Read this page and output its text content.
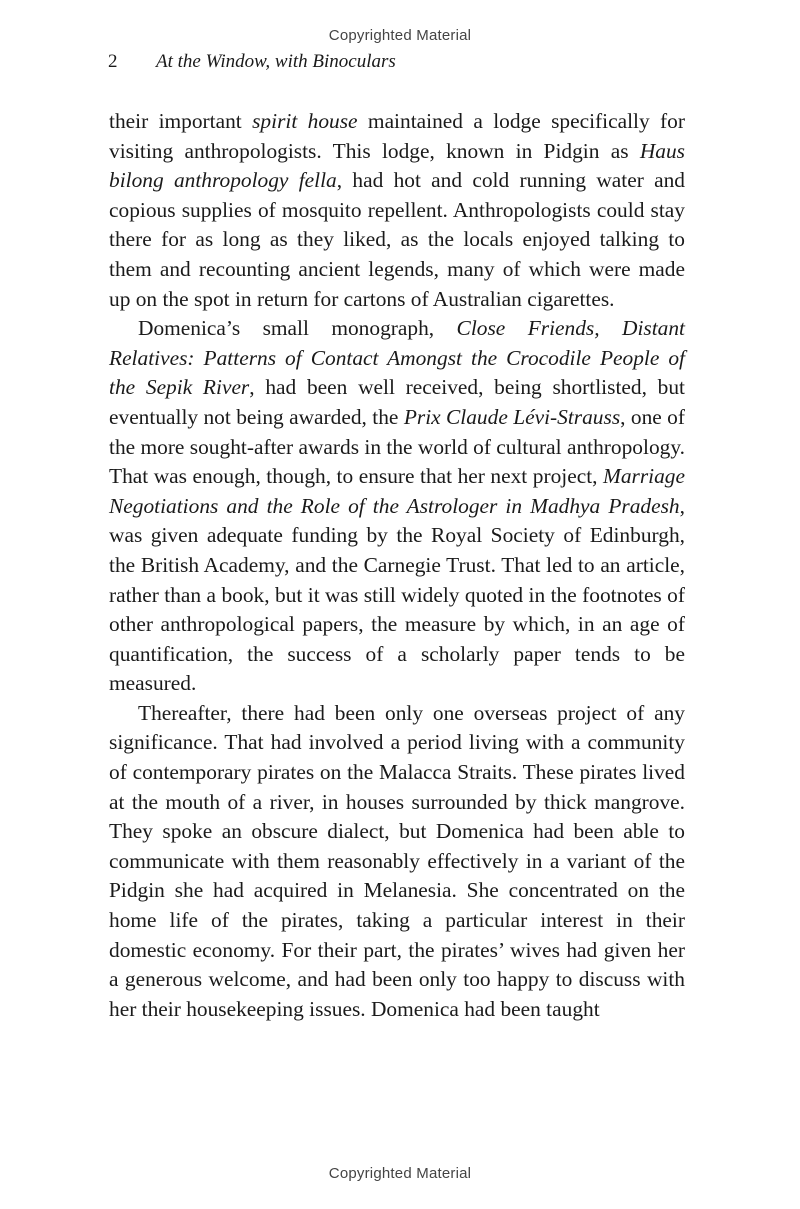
Copyrighted Material
2 At the Window, with Binoculars

their important spirit house maintained a lodge specifically for visiting anthropologists. This lodge, known in Pidgin as Haus bilong anthropology fella, had hot and cold running water and copious supplies of mosquito repellent. Anthropologists could stay there for as long as they liked, as the locals enjoyed talking to them and recounting ancient legends, many of which were made up on the spot in return for cartons of Australian cigarettes.

Domenica’s small monograph, Close Friends, Distant Relatives: Patterns of Contact Amongst the Crocodile People of the Sepik River, had been well received, being shortlisted, but eventually not being awarded, the Prix Claude Lévi-Strauss, one of the more sought-after awards in the world of cultural anthropology. That was enough, though, to ensure that her next project, Marriage Negotiations and the Role of the Astrologer in Madhya Pradesh, was given adequate funding by the Royal Society of Edinburgh, the British Academy, and the Carnegie Trust. That led to an article, rather than a book, but it was still widely quoted in the footnotes of other anthropological papers, the measure by which, in an age of quantification, the success of a scholarly paper tends to be measured.

Thereafter, there had been only one overseas project of any significance. That had involved a period living with a community of contemporary pirates on the Malacca Straits. These pirates lived at the mouth of a river, in houses surrounded by thick mangrove. They spoke an obscure dialect, but Domenica had been able to communicate with them reasonably effectively in a variant of the Pidgin she had acquired in Melanesia. She concentrated on the home life of the pirates, taking a particular interest in their domestic economy. For their part, the pirates’ wives had given her a generous welcome, and had been only too happy to discuss with her their housekeeping issues. Domenica had been taught

Copyrighted Material
